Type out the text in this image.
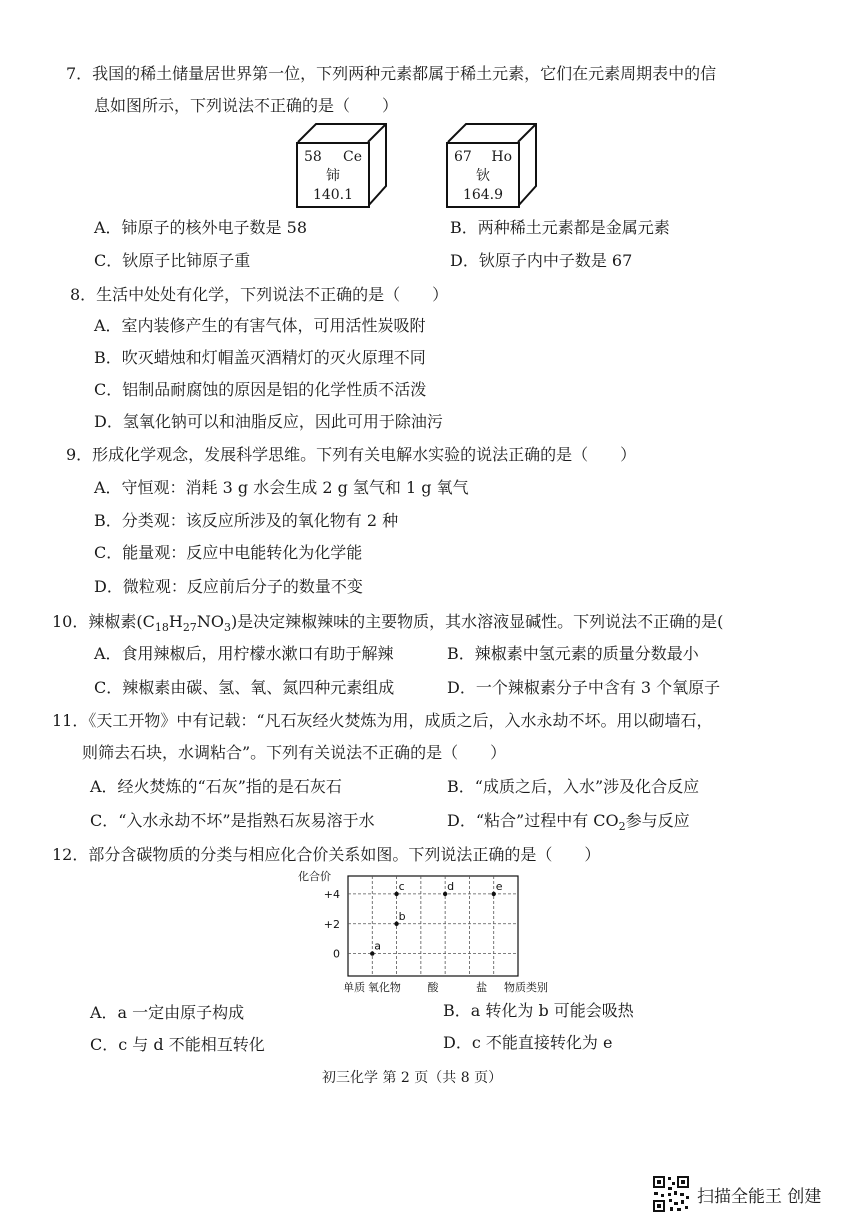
7．我国的稀土储量居世界第一位，下列两种元素都属于稀土元素，它们在元素周期表中的信
息如图所示，下列说法不正确的是（　　）
58 Ce
铈
140.1
67 Ho
钬
164.9
A．铈原子的核外电子数是 58	B．两种稀土元素都是金属元素
C．钬原子比铈原子重	D．钬原子内中子数是 67
8．生活中处处有化学，下列说法不正确的是（　　）
A．室内装修产生的有害气体，可用活性炭吸附
B．吹灭蜡烛和灯帽盖灭酒精灯的灭火原理不同
C．铝制品耐腐蚀的原因是铝的化学性质不活泼
D．氢氧化钠可以和油脂反应，因此可用于除油污
9．形成化学观念，发展科学思维。下列有关电解水实验的说法正确的是（　　）
A．守恒观：消耗 3 g 水会生成 2 g 氢气和 1 g 氧气
B．分类观：该反应所涉及的氧化物有 2 种
C．能量观：反应中电能转化为化学能
D．微粒观：反应前后分子的数量不变
10．辣椒素$(C_{18}H_{27}NO_3)$是决定辣椒辣味的主要物质，其水溶液显碱性。下列说法不正确的是(
A．食用辣椒后，用柠檬水漱口有助于解辣	B．辣椒素中氢元素的质量分数最小
C．辣椒素由碳、氢、氧、氮四种元素组成	D．一个辣椒素分子中含有 3 个氧原子
11．《天工开物》中有记载：“凡石灰经火焚炼为用，成质之后，入水永劫不坏。用以砌墙石，
则筛去石块，水调粘合”。下列有关说法不正确的是（　　）
A．经火焚炼的“石灰”指的是石灰石	B．“成质之后，入水”涉及化合反应
C．“入水永劫不坏”是指熟石灰易溶于水	D．“粘合”过程中有 $CO_2$参与反应
12．部分含碳物质的分类与相应化合价关系如图。下列说法正确的是（　　）
+4
+2
0
单质 氧化物 酸	盐
a
b
c	d	e
化合价
物质类别
A．a 一定由原子构成	B．a 转化为 b 可能会吸热
C．c 与 d 不能相互转化	D．c 不能直接转化为 e
初三化学 第 2 页（共 8 页）
扫描全能王 创建
